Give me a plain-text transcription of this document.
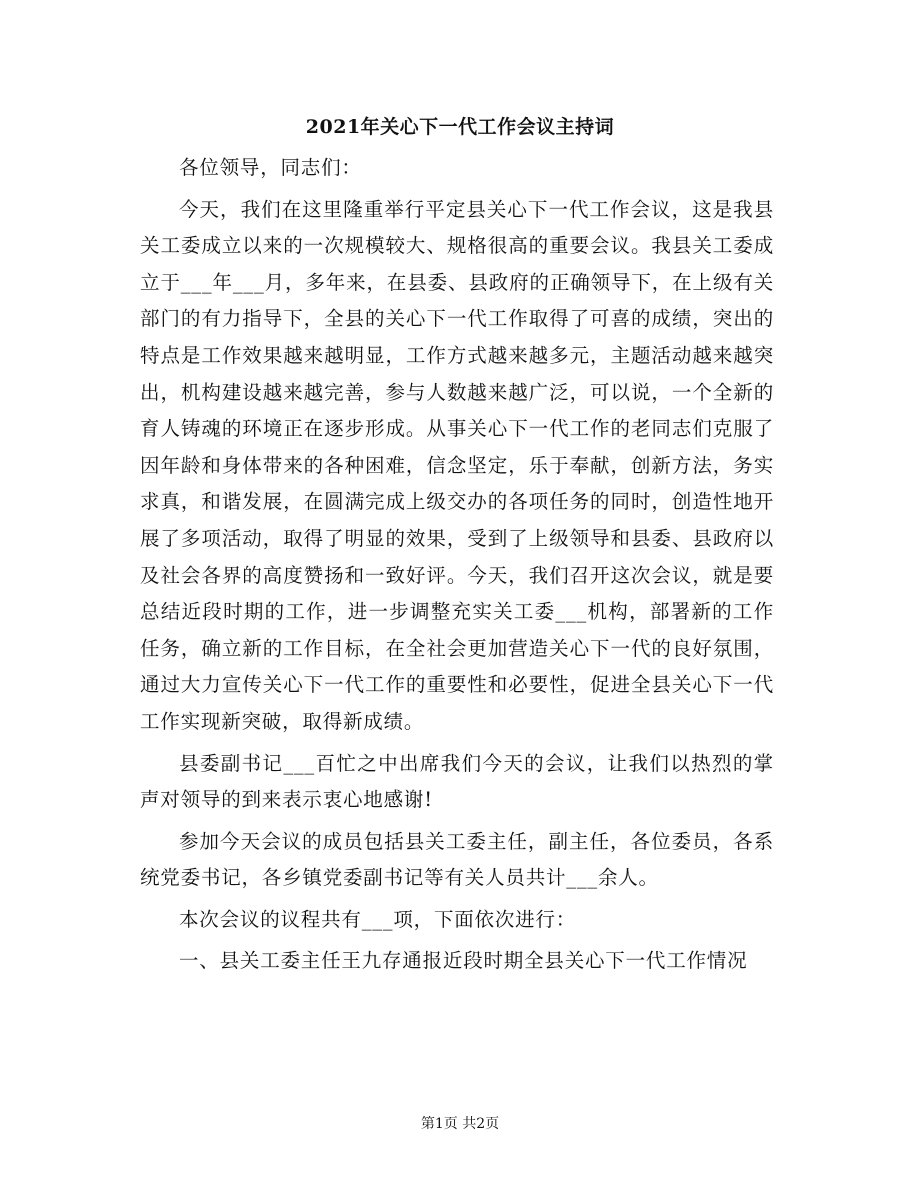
2021年关心下一代工作会议主持词

各位领导，同志们：

今天，我们在这里隆重举行平定县关心下一代工作会议，这是我县关工委成立以来的一次规模较大、规格很高的重要会议。我县关工委成立于___年___月，多年来，在县委、县政府的正确领导下，在上级有关部门的有力指导下，全县的关心下一代工作取得了可喜的成绩，突出的特点是工作效果越来越明显，工作方式越来越多元，主题活动越来越突出，机构建设越来越完善，参与人数越来越广泛，可以说，一个全新的育人铸魂的环境正在逐步形成。从事关心下一代工作的老同志们克服了因年龄和身体带来的各种困难，信念坚定，乐于奉献，创新方法，务实求真，和谐发展，在圆满完成上级交办的各项任务的同时，创造性地开展了多项活动，取得了明显的效果，受到了上级领导和县委、县政府以及社会各界的高度赞扬和一致好评。今天，我们召开这次会议，就是要总结近段时期的工作，进一步调整充实关工委___机构，部署新的工作任务，确立新的工作目标，在全社会更加营造关心下一代的良好氛围，通过大力宣传关心下一代工作的重要性和必要性，促进全县关心下一代工作实现新突破，取得新成绩。

县委副书记___百忙之中出席我们今天的会议，让我们以热烈的掌声对领导的到来表示衷心地感谢!

参加今天会议的成员包括县关工委主任，副主任，各位委员，各系统党委书记，各乡镇党委副书记等有关人员共计___余人。

本次会议的议程共有___项，下面依次进行：

一、县关工委主任王九存通报近段时期全县关心下一代工作情况

第1页 共2页
